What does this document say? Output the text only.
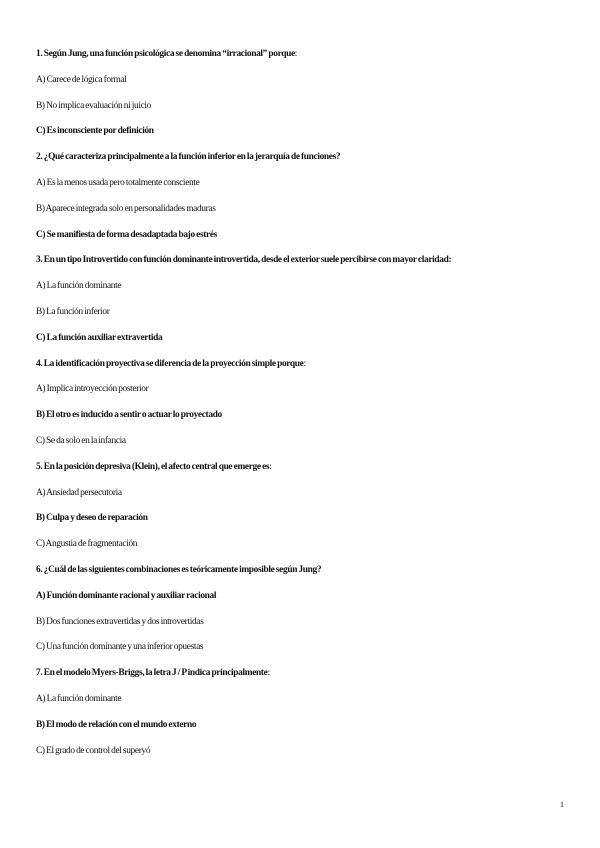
1. Según Jung, una función psicológica se denomina “irracional” porque:
A) Carece de lógica formal
B) No implica evaluación ni juicio
C) Es inconsciente por definición
2. ¿Qué caracteriza principalmente a la función inferior en la jerarquía de funciones?
A) Es la menos usada pero totalmente consciente
B) Aparece integrada solo en personalidades maduras
C) Se manifiesta de forma desadaptada bajo estrés
3. En un tipo Introvertido con función dominante introvertida, desde el exterior suele percibirse con mayor claridad:
A) La función dominante
B) La función inferior
C) La función auxiliar extravertida
4. La identificación proyectiva se diferencia de la proyección simple porque:
A) Implica introyección posterior
B) El otro es inducido a sentir o actuar lo proyectado
C) Se da solo en la infancia
5. En la posición depresiva (Klein), el afecto central que emerge es:
A) Ansiedad persecutoria
B) Culpa y deseo de reparación
C) Angustia de fragmentación
6. ¿Cuál de las siguientes combinaciones es teóricamente imposible según Jung?
A) Función dominante racional y auxiliar racional
B) Dos funciones extravertidas y dos introvertidas
C) Una función dominante y una inferior opuestas
7. En el modelo Myers-Briggs, la letra J / P indica principalmente:
A) La función dominante
B) El modo de relación con el mundo externo
C) El grado de control del superyó
1
